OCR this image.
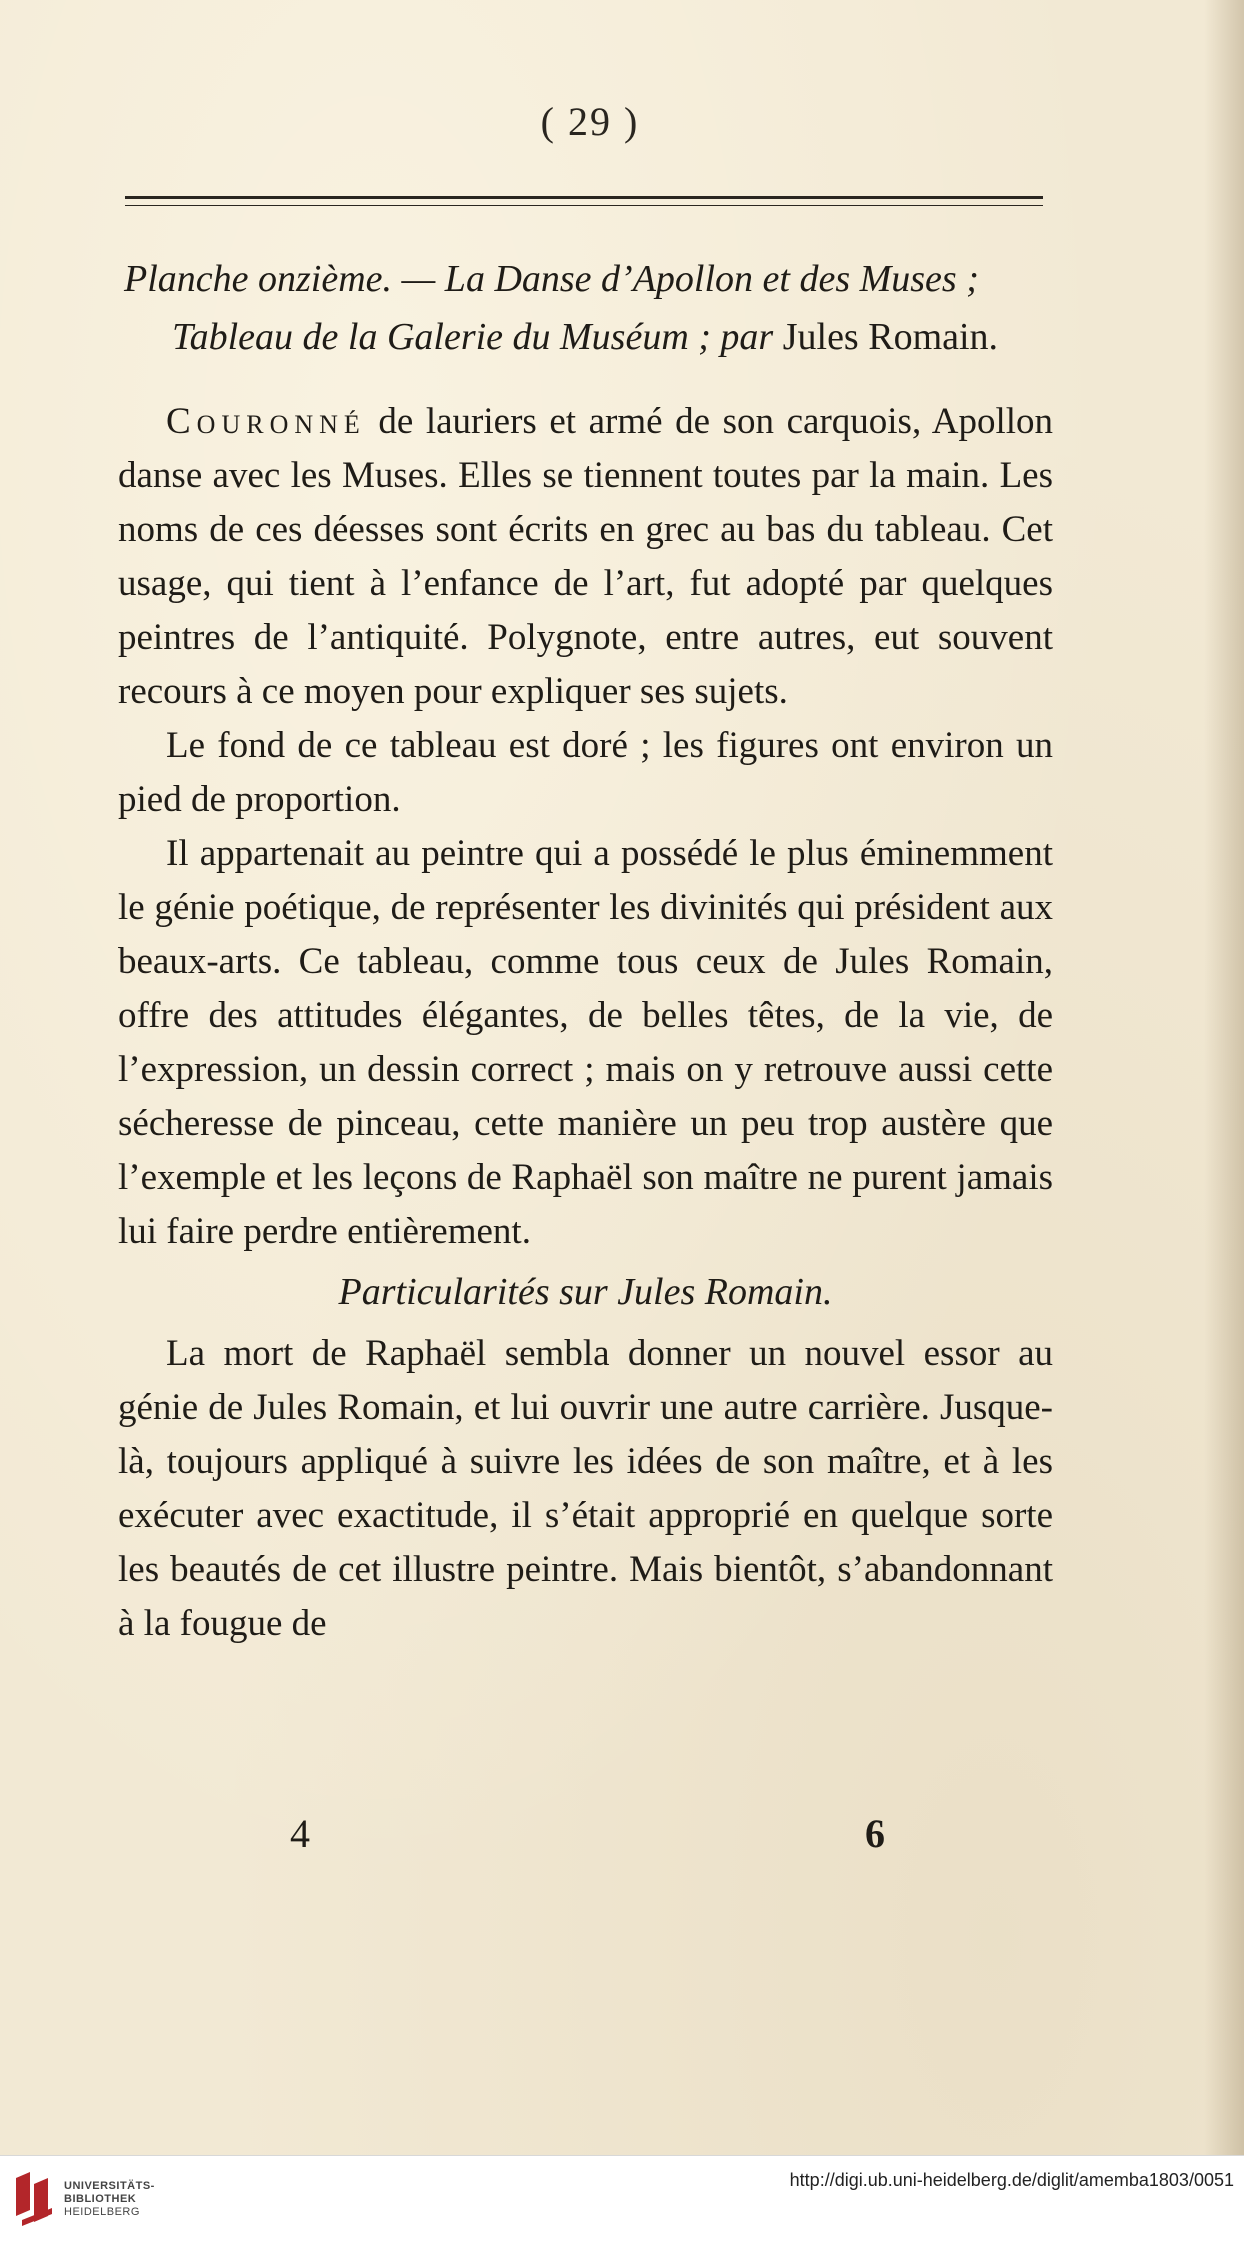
( 29 )
Planche onzième. — La Danse d’Apollon et des Muses ;
Tableau de la Galerie du Muséum ; par Jules Romain.

Couronné de lauriers et armé de son carquois, Apollon danse avec les Muses. Elles se tiennent toutes par la main. Les noms de ces déesses sont écrits en grec au bas du tableau. Cet usage, qui tient à l’enfance de l’art, fut adopté par quelques peintres de l’antiquité. Polygnote, entre autres, eut souvent recours à ce moyen pour expliquer ses sujets.

Le fond de ce tableau est doré ; les figures ont environ un pied de proportion.

Il appartenait au peintre qui a possédé le plus éminemment le génie poétique, de représenter les divinités qui président aux beaux-arts. Ce tableau, comme tous ceux de Jules Romain, offre des attitudes élégantes, de belles têtes, de la vie, de l’expression, un dessin correct ; mais on y retrouve aussi cette sécheresse de pinceau, cette manière un peu trop austère que l’exemple et les leçons de Raphaël son maître ne purent jamais lui faire perdre entièrement.

Particularités sur Jules Romain.

La mort de Raphaël sembla donner un nouvel essor au génie de Jules Romain, et lui ouvrir une autre carrière. Jusque-là, toujours appliqué à suivre les idées de son maître, et à les exécuter avec exactitude, il s’était approprié en quelque sorte les beautés de cet illustre peintre. Mais bientôt, s’abandonnant à la fougue de

4	6
UNIVERSITÄTS-
BIBLIOTHEK
HEIDELBERG
http://digi.ub.uni-heidelberg.de/diglit/amemba1803/0051
